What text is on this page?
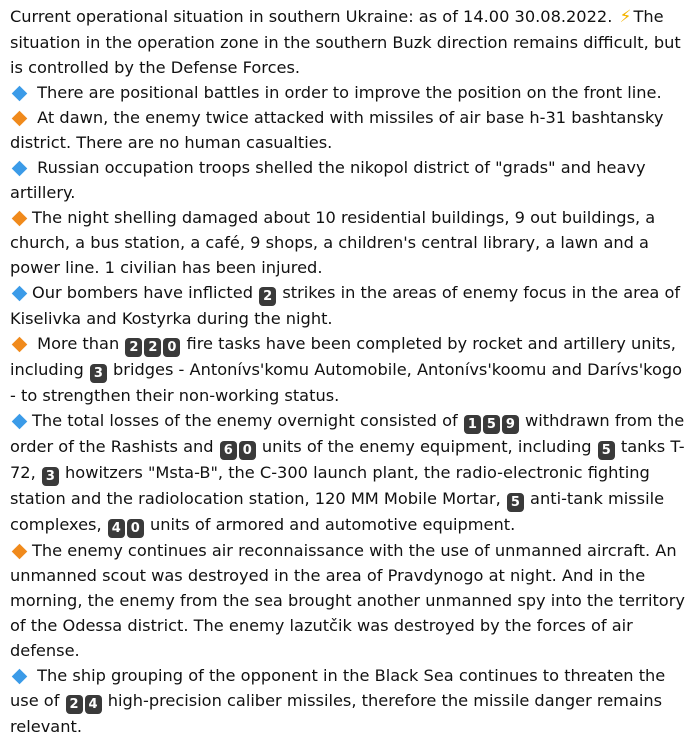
Current operational situation in southern Ukraine: as of 14.00 30.08.2022. ⚡ The situation in the operation zone in the southern Buzk direction remains difficult, but is controlled by the Defense Forces.

There are positional battles in order to improve the position on the front line.

At dawn, the enemy twice attacked with missiles of air base h-31 bashtansky district. There are no human casualties.

Russian occupation troops shelled the nikopol district of "grads" and heavy artillery.

The night shelling damaged about 10 residential buildings, 9 out buildings, a church, a bus station, a café, 9 shops, a children's central library, a lawn and a power line. 1 civilian has been injured.

Our bombers have inflicted 2 strikes in the areas of enemy focus in the area of Kiselivka and Kostyrka during the night.

More than 2 2 0 fire tasks have been completed by rocket and artillery units, including 3 bridges - Antonívs'komu Automobile, Antonívs'koomu and Darívs'kogo - to strengthen their non-working status.

The total losses of the enemy overnight consisted of 1 5 9 withdrawn from the order of the Rashists and 6 0 units of the enemy equipment, including 5 tanks T-72, 3 howitzers "Msta-B", the C-300 launch plant, the radio-electronic fighting station and the radiolocation station, 120 MM Mobile Mortar, 5 anti-tank missile complexes, 4 0 units of armored and automotive equipment.

The enemy continues air reconnaissance with the use of unmanned aircraft. An unmanned scout was destroyed in the area of Pravdynogo at night. And in the morning, the enemy from the sea brought another unmanned spy into the territory of the Odessa district. The enemy lazutčik was destroyed by the forces of air defense.

The ship grouping of the opponent in the Black Sea continues to threaten the use of 2 4 high-precision caliber missiles, therefore the missile danger remains relevant.
